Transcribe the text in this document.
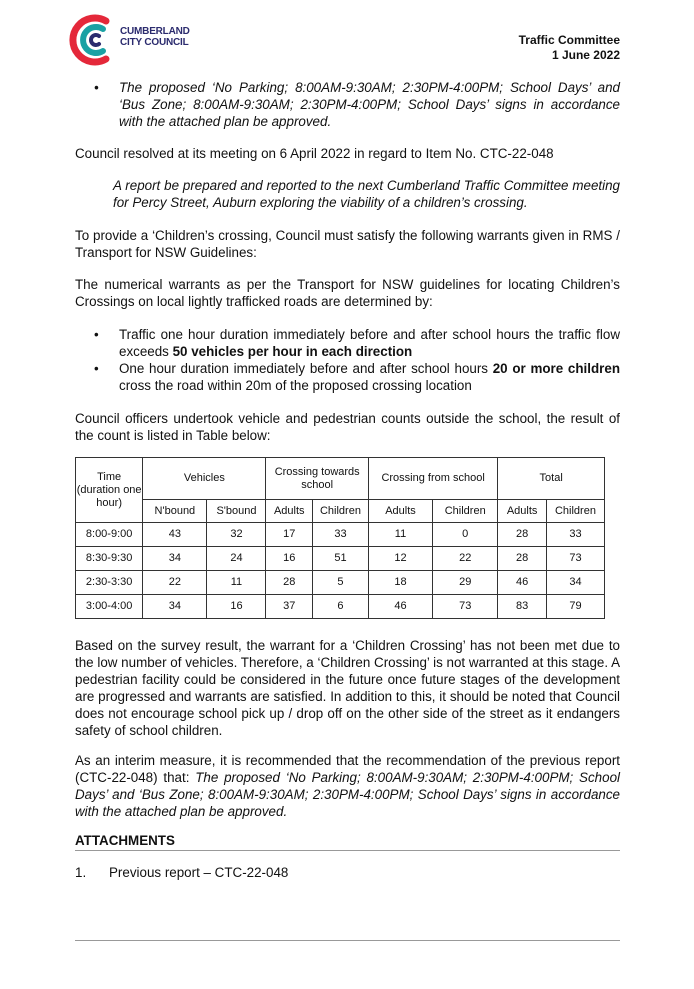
CUMBERLAND
CITY COUNCIL	Traffic Committee
1 June 2022
• The proposed ‘No Parking; 8:00AM-9:30AM; 2:30PM-4:00PM; School Days’ and ‘Bus Zone; 8:00AM-9:30AM; 2:30PM-4:00PM; School Days’ signs in accordance with the attached plan be approved.
Council resolved at its meeting on 6 April 2022 in regard to Item No. CTC-22-048
A report be prepared and reported to the next Cumberland Traffic Committee meeting for Percy Street, Auburn exploring the viability of a children’s crossing.
To provide a ‘Children’s crossing, Council must satisfy the following warrants given in RMS / Transport for NSW Guidelines:
The numerical warrants as per the Transport for NSW guidelines for locating Children’s Crossings on local lightly trafficked roads are determined by:
• Traffic one hour duration immediately before and after school hours the traffic flow exceeds 50 vehicles per hour in each direction
• One hour duration immediately before and after school hours 20 or more children cross the road within 20m of the proposed crossing location
Council officers undertook vehicle and pedestrian counts outside the school, the result of the count is listed in Table below:
Time (duration one hour)	Vehicles		Crossing towards school		Crossing from school		Total	
	N'bound	S'bound	Adults	Children	Adults	Children	Adults	Children
8:00-9:00	43	32	17	33	11	0	28	33
8:30-9:30	34	24	16	51	12	22	28	73
2:30-3:30	22	11	28	5	18	29	46	34
3:00-4:00	34	16	37	6	46	73	83	79
Based on the survey result, the warrant for a ‘Children Crossing’ has not been met due to the low number of vehicles. Therefore, a ‘Children Crossing’ is not warranted at this stage. A pedestrian facility could be considered in the future once future stages of the development are progressed and warrants are satisfied. In addition to this, it should be noted that Council does not encourage school pick up / drop off on the other side of the street as it endangers safety of school children.
As an interim measure, it is recommended that the recommendation of the previous report (CTC-22-048) that: The proposed ‘No Parking; 8:00AM-9:30AM; 2:30PM-4:00PM; School Days’ and ‘Bus Zone; 8:00AM-9:30AM; 2:30PM-4:00PM; School Days’ signs in accordance with the attached plan be approved.
ATTACHMENTS
1. Previous report – CTC-22-048
